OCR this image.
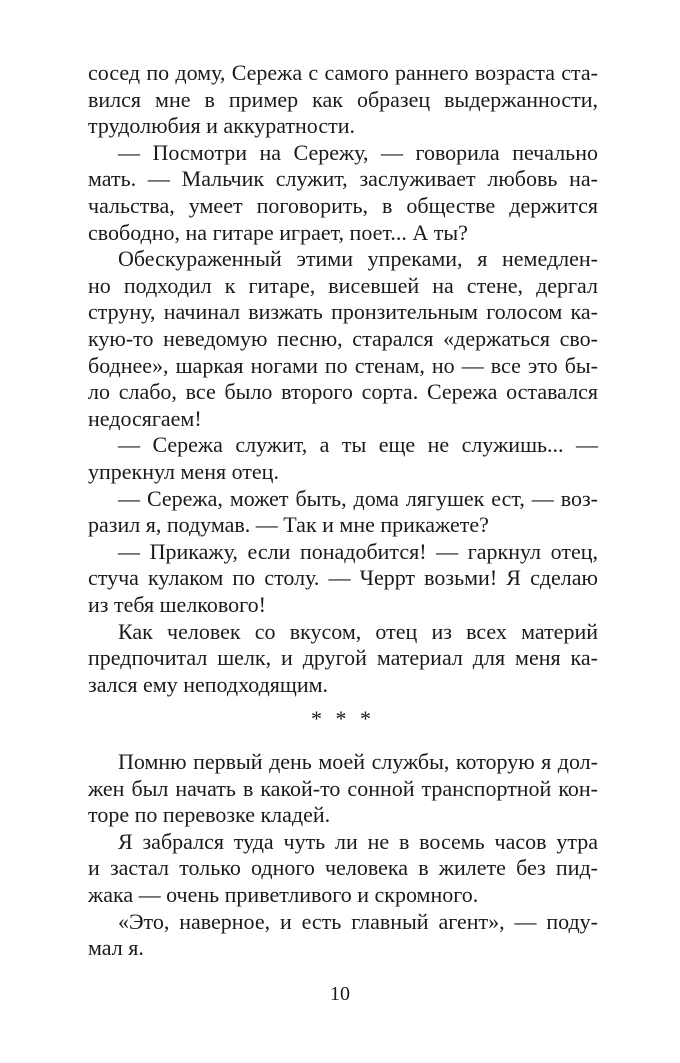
сосед по дому, Сережа с самого раннего возраста ста-
вился мне в пример как образец выдержанности,
трудолюбия и аккуратности.
— Посмотри на Сережу, — говорила печально
мать. — Мальчик служит, заслуживает любовь на-
чальства, умеет поговорить, в обществе держится
свободно, на гитаре играет, поет... А ты?
Обескураженный этими упреками, я немедлен-
но подходил к гитаре, висевшей на стене, дергал
струну, начинал визжать пронзительным голосом ка-
кую-то неведомую песню, старался «держаться сво-
боднее», шаркая ногами по стенам, но — все это бы-
ло слабо, все было второго сорта. Сережа оставался
недосягаем!
— Сережа служит, а ты еще не служишь... —
упрекнул меня отец.
— Сережа, может быть, дома лягушек ест, — воз-
разил я, подумав. — Так и мне прикажете?
— Прикажу, если понадобится! — гаркнул отец,
стуча кулаком по столу. — Черрт возьми! Я сделаю
из тебя шелкового!
Как человек со вкусом, отец из всех материй
предпочитал шелк, и другой материал для меня ка-
зался ему неподходящим.
* * *
Помню первый день моей службы, которую я дол-
жен был начать в какой-то сонной транспортной кон-
торе по перевозке кладей.
Я забрался туда чуть ли не в восемь часов утра
и застал только одного человека в жилете без пид-
жака — очень приветливого и скромного.
«Это, наверное, и есть главный агент», — поду-
мал я.
10
